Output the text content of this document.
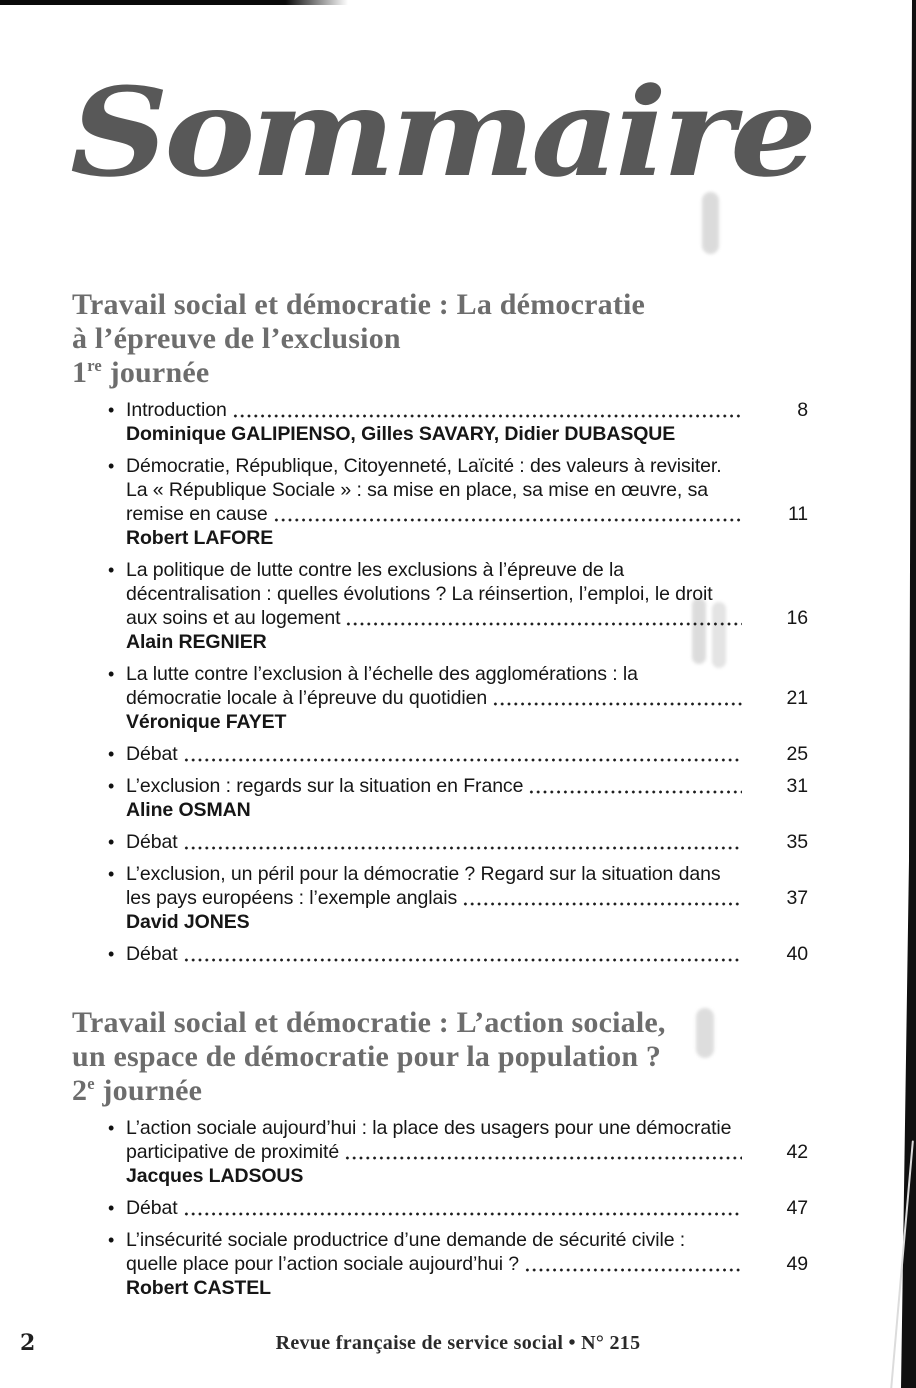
Sommaire
Travail social et démocratie : La démocratie
à l’épreuve de l’exclusion
1re journée
• Introduction	8
Dominique GALIPIENSO, Gilles SAVARY, Didier DUBASQUE
• Démocratie, République, Citoyenneté, Laïcité : des valeurs à revisiter.
La « République Sociale » : sa mise en place, sa mise en œuvre, sa
remise en cause	11
Robert LAFORE
• La politique de lutte contre les exclusions à l’épreuve de la
décentralisation : quelles évolutions ? La réinsertion, l’emploi, le droit
aux soins et au logement	16
Alain REGNIER
• La lutte contre l’exclusion à l’échelle des agglomérations : la
démocratie locale à l’épreuve du quotidien	21
Véronique FAYET
• Débat	25
• L’exclusion : regards sur la situation en France	31
Aline OSMAN
• Débat	35
• L’exclusion, un péril pour la démocratie ? Regard sur la situation dans
les pays européens : l’exemple anglais	37
David JONES
• Débat	40
Travail social et démocratie : L’action sociale,
un espace de démocratie pour la population ?
2e journée
• L’action sociale aujourd’hui : la place des usagers pour une démocratie
participative de proximité	42
Jacques LADSOUS
• Débat	47
• L’insécurité sociale productrice d’une demande de sécurité civile :
quelle place pour l’action sociale aujourd’hui ?	49
Robert CASTEL
2	Revue française de service social • N° 215
